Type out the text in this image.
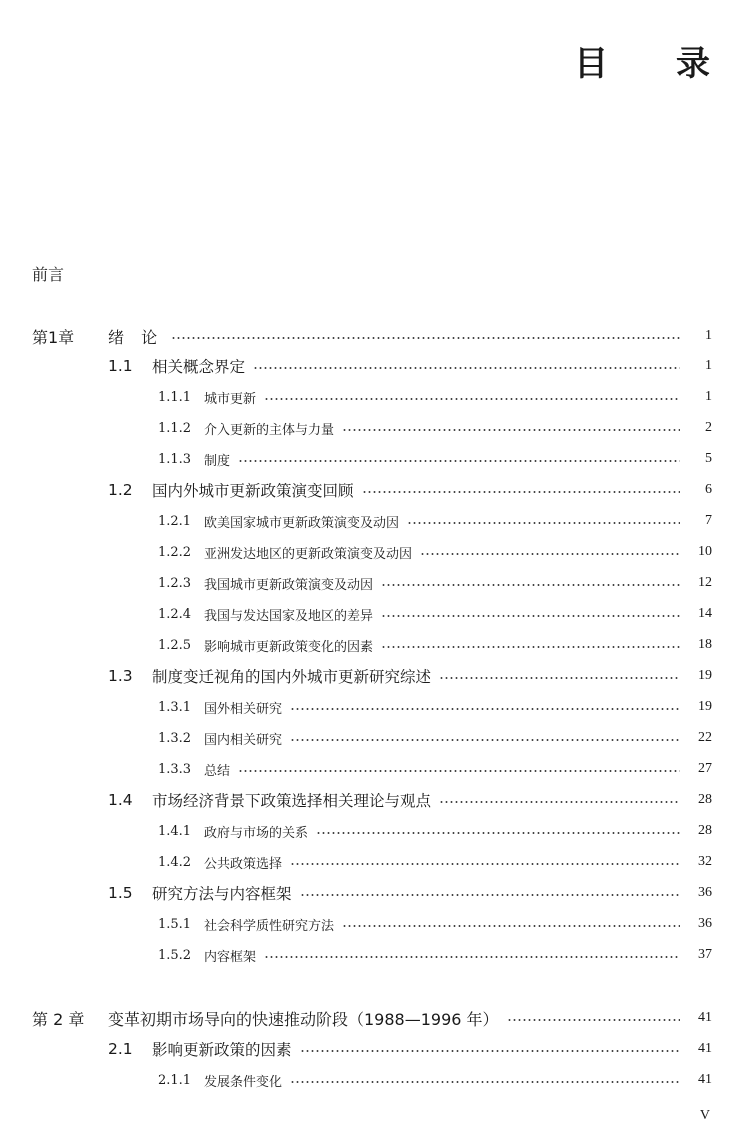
目 录
前言
第1章	绪 论	1
1.1	相关概念界定	1
1.1.1 城市更新	1
1.1.2 介入更新的主体与力量	2
1.1.3 制度	5
1.2	国内外城市更新政策演变回顾	6
1.2.1 欧美国家城市更新政策演变及动因	7
1.2.2 亚洲发达地区的更新政策演变及动因	10
1.2.3 我国城市更新政策演变及动因	12
1.2.4 我国与发达国家及地区的差异	14
1.2.5 影响城市更新政策变化的因素	18
1.3	制度变迁视角的国内外城市更新研究综述	19
1.3.1 国外相关研究	19
1.3.2 国内相关研究	22
1.3.3 总结	27
1.4	市场经济背景下政策选择相关理论与观点	28
1.4.1 政府与市场的关系	28
1.4.2 公共政策选择	32
1.5	研究方法与内容框架	36
1.5.1 社会科学质性研究方法	36
1.5.2 内容框架	37
第 2 章	变革初期市场导向的快速推动阶段（1988—1996 年）	41
2.1	影响更新政策的因素	41
2.1.1 发展条件变化	41
V
